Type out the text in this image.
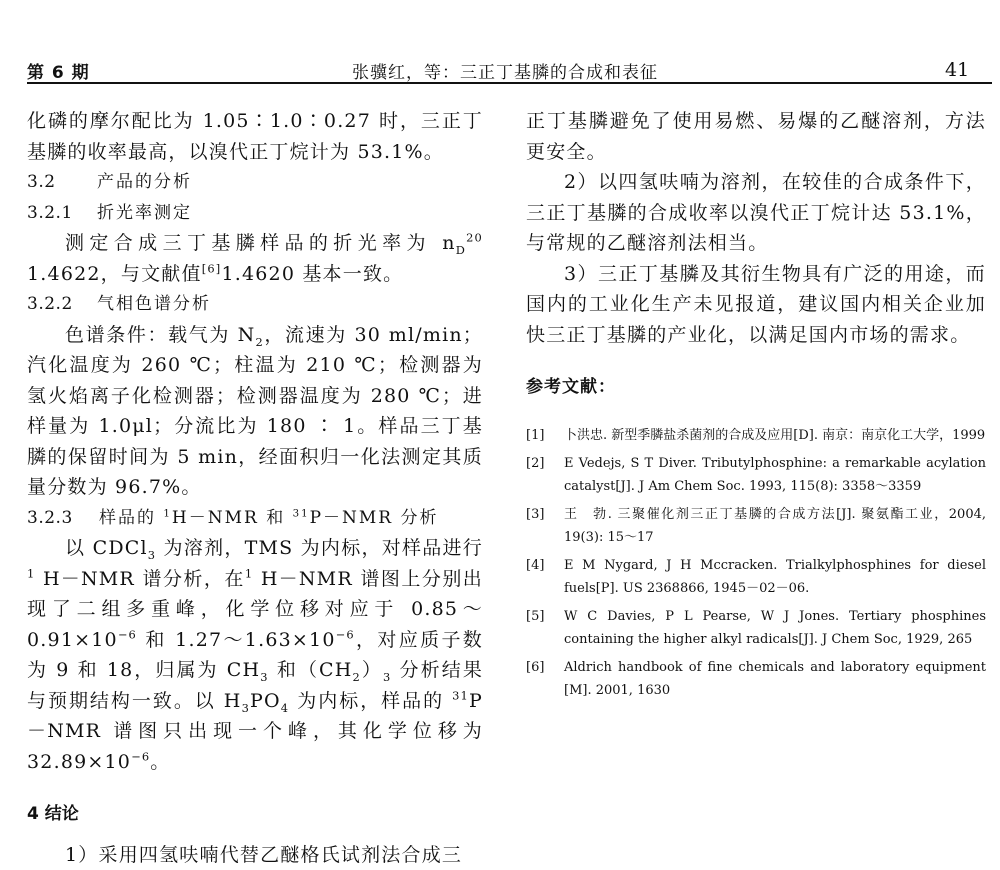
第 6 期	张骥红，等：三正丁基膦的合成和表征	41

化磷的摩尔配比为 1.05∶1.0∶0.27 时，三正丁基膦的收率最高，以溴代正丁烷计为 53.1%。

3.2 产品的分析

3.2.1 折光率测定

测定合成三丁基膦样品的折光率为 $n_D^{20}$ 1.4622，与文献值[6]1.4620 基本一致。

3.2.2 气相色谱分析

色谱条件：载气为 $N_2$，流速为 30 ml/min；汽化温度为 260 ℃；柱温为 210 ℃；检测器为氢火焰离子化检测器；检测器温度为 280 ℃；进样量为 1.0μl；分流比为 180 ∶ 1。样品三丁基膦的保留时间为 5 min，经面积归一化法测定其质量分数为 96.7%。

3.2.3 样品的 $^1$H－NMR 和 $^{31}$P－NMR 分析

以 CDCl$_3$ 为溶剂，TMS 为内标，对样品进行$^1$ H－NMR 谱分析，在$^1$ H－NMR 谱图上分别出现了二组多重峰，化学位移对应于 $0.85\sim 0.91\times 10^{-6}$ 和 $1.27\sim 1.63\times 10^{-6}$，对应质子数为 9 和 18，归属为 $CH_3$ 和$(CH_2)_3$ 分析结果与预期结构一致。以 $H_3PO_4$ 为内标，样品的 $^{31}$P－NMR 谱图只出现一个峰，其化学位移为 $32.89\times 10^{-6}$。

4 结论

1）采用四氢呋喃代替乙醚格氏试剂法合成三

正丁基膦避免了使用易燃、易爆的乙醚溶剂，方法更安全。

2）以四氢呋喃为溶剂，在较佳的合成条件下，三正丁基膦的合成收率以溴代正丁烷计达 53.1%，与常规的乙醚溶剂法相当。

3）三正丁基膦及其衍生物具有广泛的用途，而国内的工业化生产未见报道，建议国内相关企业加快三正丁基膦的产业化，以满足国内市场的需求。

参考文献：

[1] 卜洪忠. 新型季膦盐杀菌剂的合成及应用[D]. 南京：南京化工大学，1999
[2] E Vedejs, S T Diver. Tributylphosphine: a remarkable acylation catalyst[J]. J Am Chem Soc. 1993, 115(8): 3358～3359
[3] 王　勃. 三聚催化剂三正丁基膦的合成方法[J]. 聚氨酯工业，2004, 19(3): 15～17
[4] E M Nygard, J H Mccracken. Trialkylphosphines for diesel fuels[P]. US 2368866, 1945－02－06.
[5] W C Davies, P L Pearse, W J Jones. Tertiary phosphines containing the higher alkyl radicals[J]. J Chem Soc, 1929, 265
[6] Aldrich handbook of fine chemicals and laboratory equipment [M]. 2001, 1630
